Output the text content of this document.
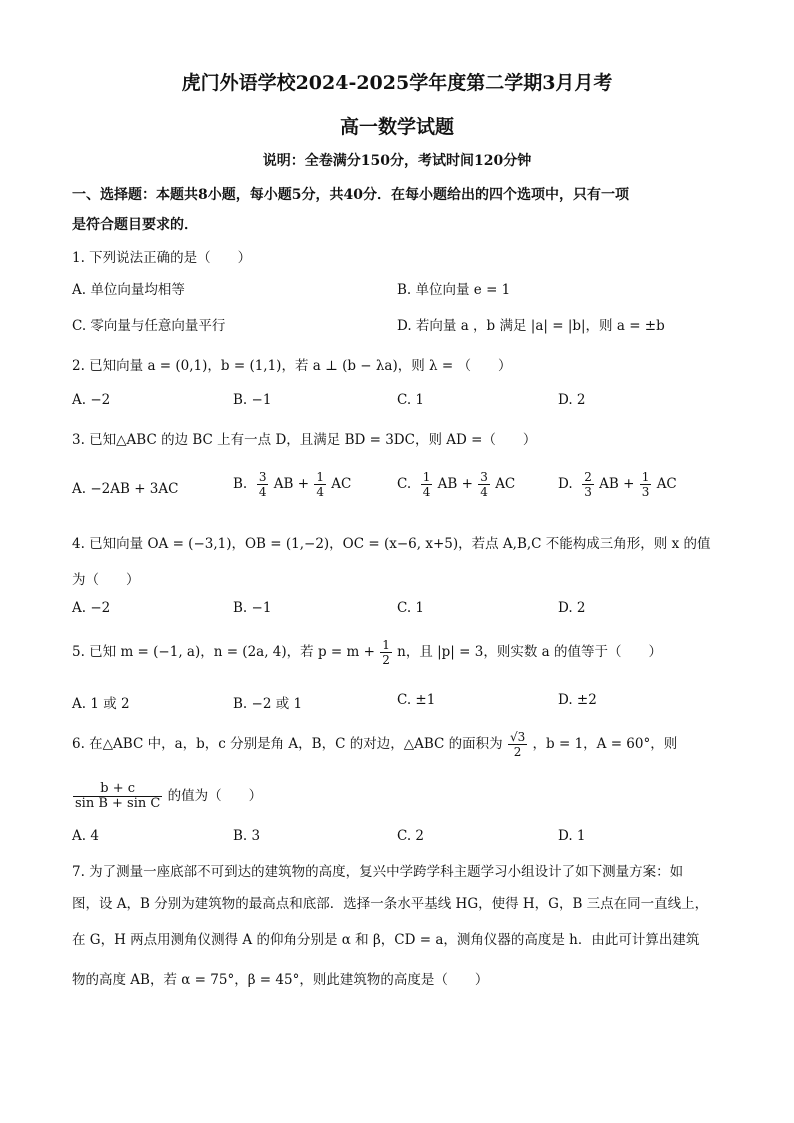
虎门外语学校2024-2025学年度第二学期3月月考
高一数学试题
说明：全卷满分150分，考试时间120分钟
一、选择题：本题共8小题，每小题5分，共40分．在每小题给出的四个选项中，只有一项
是符合题目要求的．
1. 下列说法正确的是（　　）
A. 单位向量均相等	B. 单位向量 e = 1
C. 零向量与任意向量平行	D. 若向量 a ，b 满足 |a| = |b|，则 a = ±b
2. 已知向量 a = (0,1)，b = (1,1)，若 a ⊥ (b − λa)，则 λ = （　　）
A. −2	B. −1	C. 1	D. 2
3. 已知△ABC 的边 BC 上有一点 D，且满足 BD = 3DC，则 AD =（　　）
A. −2AB + 3AC	B. $\frac{3}{4}$ AB + $\frac{1}{4}$ AC	C. $\frac{1}{4}$ AB + $\frac{3}{4}$ AC	D. $\frac{2}{3}$ AB + $\frac{1}{3}$ AC
4. 已知向量 OA = (−3,1)，OB = (1,−2)，OC = (x−6, x+5)，若点 A,B,C 不能构成三角形，则 x 的值
为（　　）
A. −2	B. −1	C. 1	D. 2
5. 已知 m = (−1, a)，n = (2a, 4)，若 $p = m + \frac{1}{2}$ n，且 |p| = 3，则实数 a 的值等于（　　）
A. 1 或 2	B. −2 或 1	C. ±1	D. ±2
6. 在△ABC 中，a，b，c 分别是角 A，B，C 的对边，△ABC 的面积为 $\frac{√3}{2}$ ，b = 1，A = 60°，则
$\frac{b + c}{\text{sin B + sin C}}$ 的值为（　　）
A. 4	B. 3	C. 2	D. 1
7. 为了测量一座底部不可到达的建筑物的高度，复兴中学跨学科主题学习小组设计了如下测量方案：如
图，设 A，B 分别为建筑物的最高点和底部．选择一条水平基线 HG，使得 H，G，B 三点在同一直线上，
在 G，H 两点用测角仪测得 A 的仰角分别是 α 和 β，CD = a，测角仪器的高度是 h．由此可计算出建筑
物的高度 AB，若 α = 75°，β = 45°，则此建筑物的高度是（　　）
